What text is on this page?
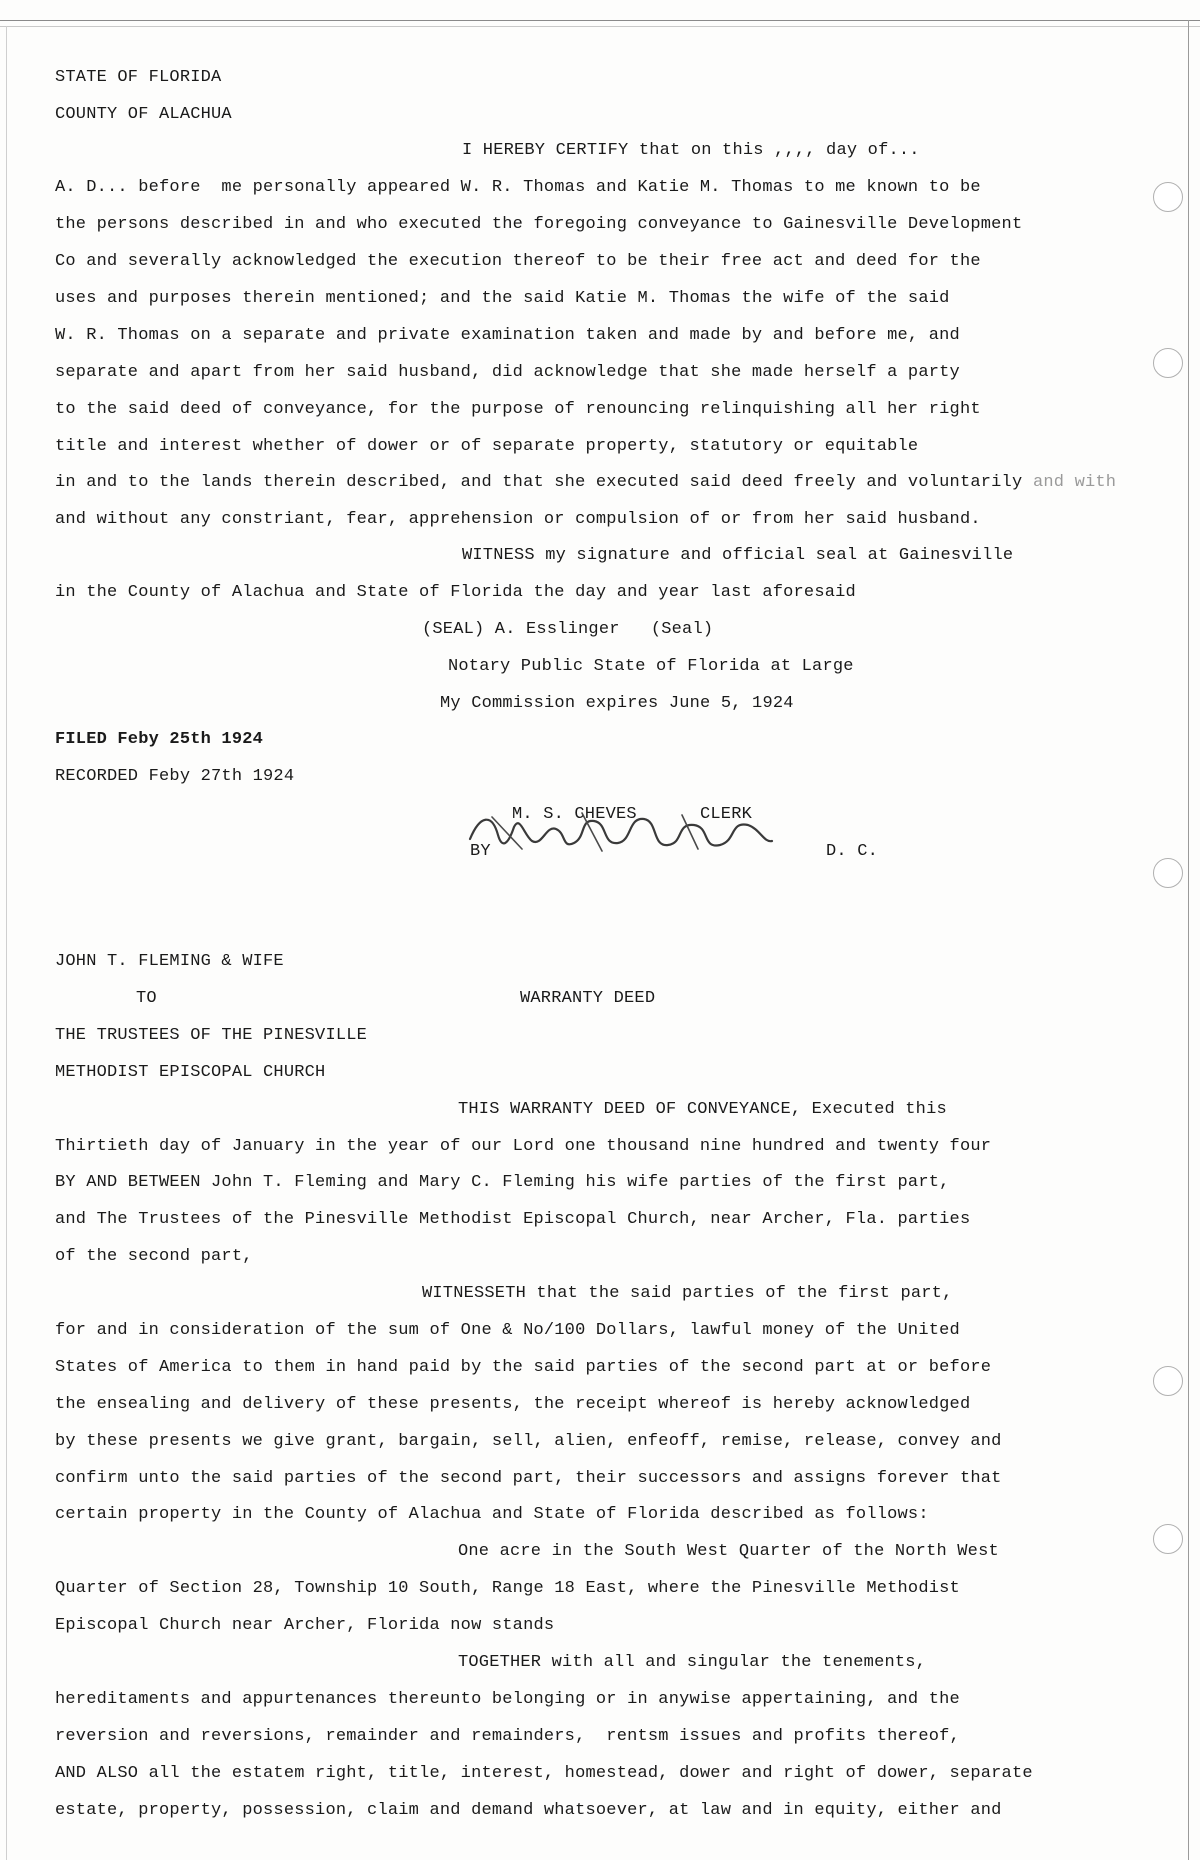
STATE OF FLORIDA
COUNTY OF ALACHUA
I HEREBY CERTIFY that on this ,,,, day of...
A. D... before  me personally appeared W. R. Thomas and Katie M. Thomas to me known to be
the persons described in and who executed the foregoing conveyance to Gainesville Development
Co and severally acknowledged the execution thereof to be their free act and deed for the
uses and purposes therein mentioned; and the said Katie M. Thomas the wife of the said
W. R. Thomas on a separate and private examination taken and made by and before me, and
separate and apart from her said husband, did acknowledge that she made herself a party
to the said deed of conveyance, for the purpose of renouncing relinquishing all her right
title and interest whether of dower or of separate property, statutory or equitable
in and to the lands therein described, and that she executed said deed freely and voluntarily and with
and without any constriant, fear, apprehension or compulsion of or from her said husband.
WITNESS my signature and official seal at Gainesville
in the County of Alachua and State of Florida the day and year last aforesaid
(SEAL) A. Esslinger   (Seal)
Notary Public State of Florida at Large
My Commission expires June 5, 1924
FILED Feby 25th 1924
RECORDED Feby 27th 1924
M. S. CHEVES	CLERK
BY	D. C.
JOHN T. FLEMING & WIFE
TO	WARRANTY DEED
THE TRUSTEES OF THE PINESVILLE
METHODIST EPISCOPAL CHURCH
THIS WARRANTY DEED OF CONVEYANCE, Executed this
Thirtieth day of January in the year of our Lord one thousand nine hundred and twenty four
BY AND BETWEEN John T. Fleming and Mary C. Fleming his wife parties of the first part,
and The Trustees of the Pinesville Methodist Episcopal Church, near Archer, Fla. parties
of the second part,
WITNESSETH that the said parties of the first part,
for and in consideration of the sum of One & No/100 Dollars, lawful money of the United
States of America to them in hand paid by the said parties of the second part at or before
the ensealing and delivery of these presents, the receipt whereof is hereby acknowledged
by these presents we give grant, bargain, sell, alien, enfeoff, remise, release, convey and
confirm unto the said parties of the second part, their successors and assigns forever that
certain property in the County of Alachua and State of Florida described as follows:
One acre in the South West Quarter of the North West
Quarter of Section 28, Township 10 South, Range 18 East, where the Pinesville Methodist
Episcopal Church near Archer, Florida now stands
TOGETHER with all and singular the tenements,
hereditaments and appurtenances thereunto belonging or in anywise appertaining, and the
reversion and reversions, remainder and remainders,  rentsm issues and profits thereof,
AND ALSO all the estatem right, title, interest, homestead, dower and right of dower, separate
estate, property, possession, claim and demand whatsoever, at law and in equity, either and
